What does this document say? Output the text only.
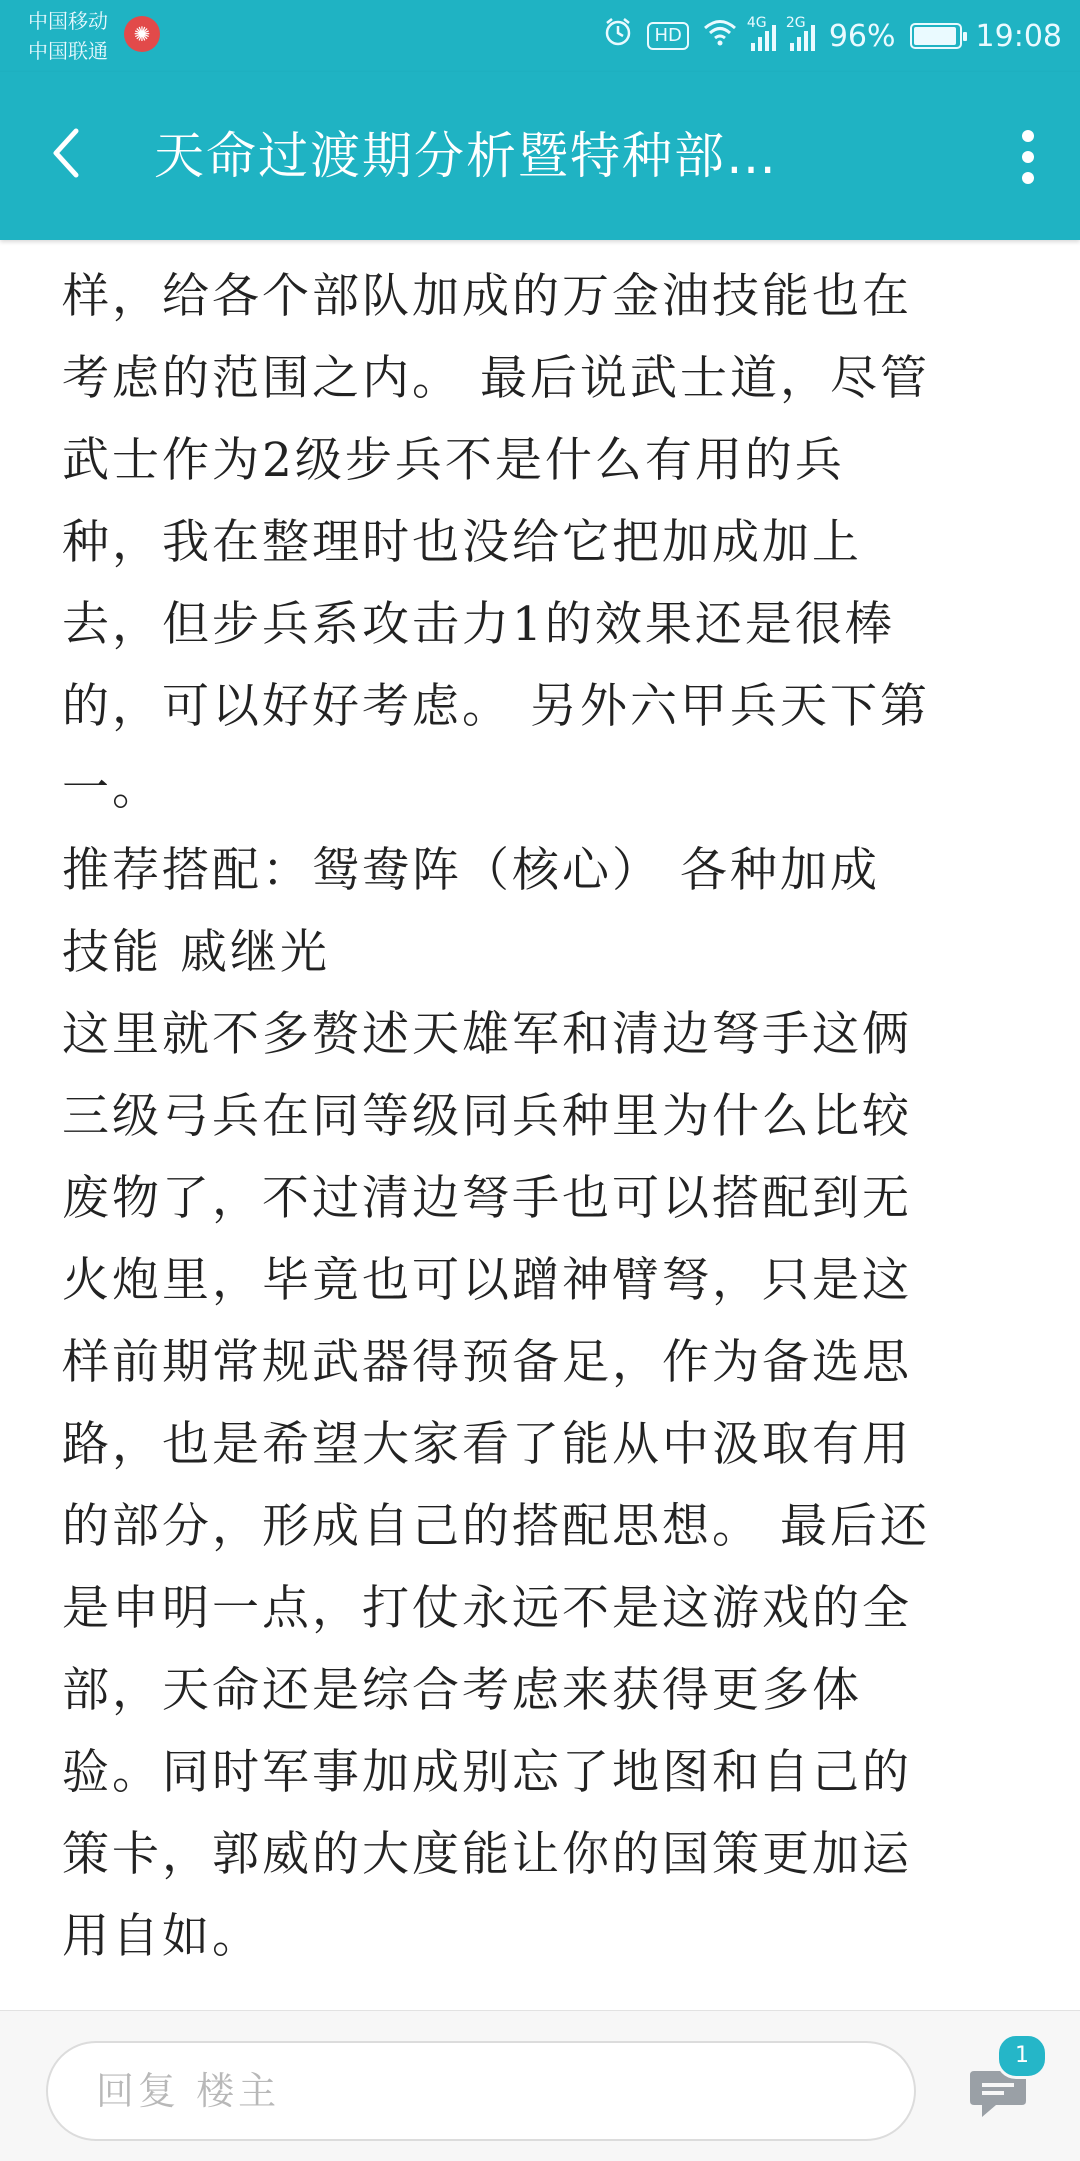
中国移动
中国联通
✺	HD
4G 2G 96%	19:08
天命过渡期分析暨特种部…

样，给各个部队加成的万金油技能也在

考虑的范围之内。 最后说武士道，尽管

武士作为2级步兵不是什么有用的兵

种，我在整理时也没给它把加成加上

去，但步兵系攻击力1的效果还是很棒

的，可以好好考虑。 另外六甲兵天下第

一。

推荐搭配：鸳鸯阵（核心） 各种加成

技能 戚继光

这里就不多赘述天雄军和清边弩手这俩

三级弓兵在同等级同兵种里为什么比较

废物了，不过清边弩手也可以搭配到无

火炮里，毕竟也可以蹭神臂弩，只是这

样前期常规武器得预备足，作为备选思

路，也是希望大家看了能从中汲取有用

的部分，形成自己的搭配思想。 最后还

是申明一点，打仗永远不是这游戏的全

部，天命还是综合考虑来获得更多体

验。同时军事加成别忘了地图和自己的

策卡，郭威的大度能让你的国策更加运

用自如。

回复 楼主
1
